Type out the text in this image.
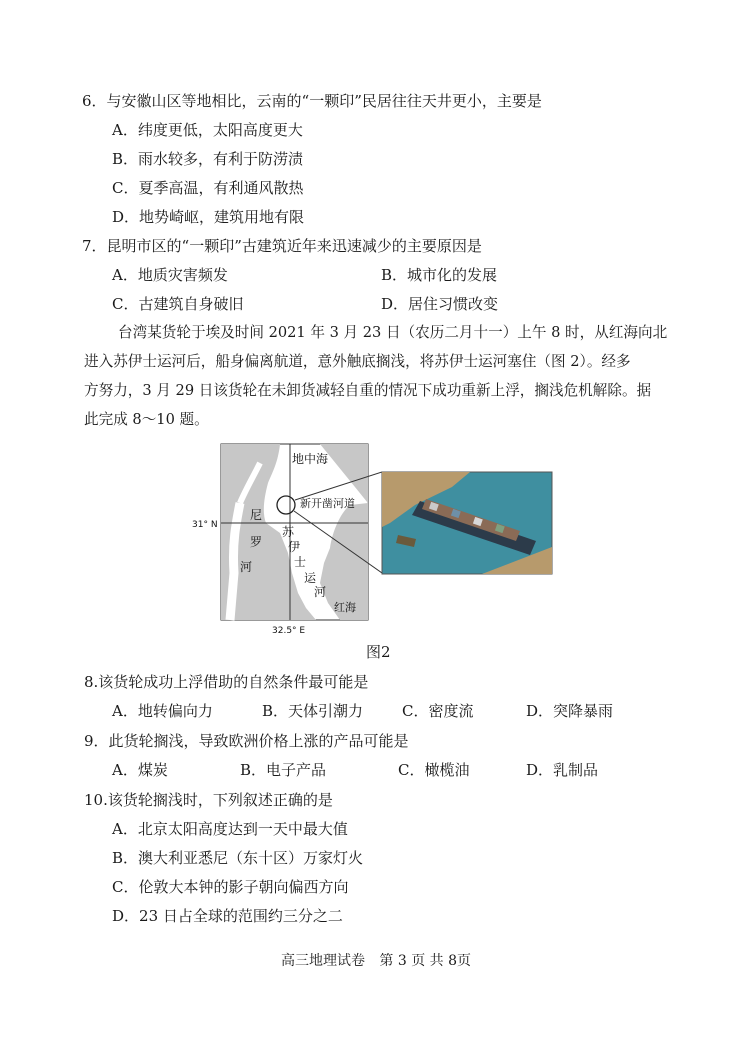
6．与安徽山区等地相比，云南的“一颗印”民居往往天井更小，主要是
A．纬度更低，太阳高度更大
B．雨水较多，有利于防涝渍
C．夏季高温，有利通风散热
D．地势崎岖，建筑用地有限
7．昆明市区的“一颗印”古建筑近年来迅速减少的主要原因是
A．地质灾害频发	B．城市化的发展
C．古建筑自身破旧	D．居住习惯改变
台湾某货轮于埃及时间 2021 年 3 月 23 日（农历二月十一）上午 8 时，从红海向北
进入苏伊士运河后，船身偏离航道，意外触底搁浅，将苏伊士运河塞住（图 2）。经多
方努力，3 月 29 日该货轮在未卸货减轻自重的情况下成功重新上浮，搁浅危机解除。据
此完成 8～10 题。
地中海
新开凿河道
红海
31° N
32.5° E
尼
罗
河
苏
伊
士
运
河
图2
8.该货轮成功上浮借助的自然条件最可能是
A．地转偏向力	B．天体引潮力	C．密度流	D．突降暴雨
9．此货轮搁浅，导致欧洲价格上涨的产品可能是
A．煤炭	B．电子产品	C．橄榄油	D．乳制品
10.该货轮搁浅时，下列叙述正确的是
A．北京太阳高度达到一天中最大值
B．澳大利亚悉尼（东十区）万家灯火
C．伦敦大本钟的影子朝向偏西方向
D．23 日占全球的范围约三分之二
高三地理试卷 第 3 页 共 8页
